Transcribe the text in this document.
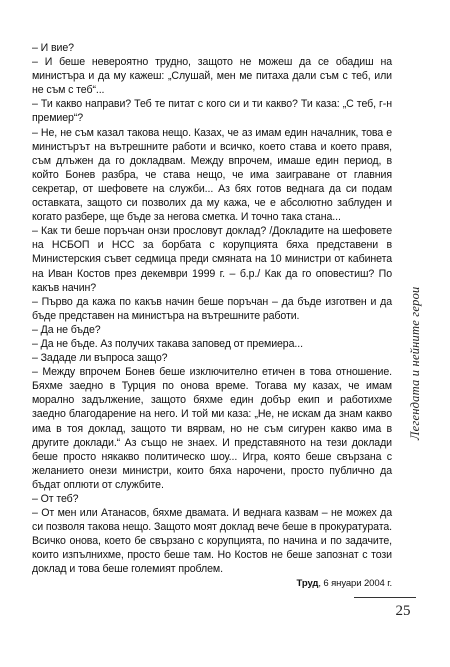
– И вие?

– И беше невероятно трудно, защото не можеш да се обадиш на министъра и да му кажеш: „Слушай, мен ме питаха дали съм с теб, или не съм с теб“...

– Ти какво направи? Теб те питат с кого си и ти какво? Ти каза: „С теб, г-н премиер“?

– Не, не съм казал такова нещо. Казах, че аз имам един началник, това е министърът на вътрешните работи и всичко, което става и което правя, съм длъжен да го докладвам. Между впрочем, имаше един период, в който Бонев разбра, че става нещо, че има заиграване от главния секретар, от шефовете на служби... Аз бях готов веднага да си подам оставката, защото си позволих да му кажа, че е абсолютно заблуден и когато разбере, ще бъде за негова сметка. И точно така стана...

– Как ти беше поръчан онзи прословут доклад? /Докладите на шефовете на НСБОП и НСС за борбата с корупцията бяха представени в Министерския съвет седмица преди смяната на 10 министри от кабинета на Иван Костов през декември 1999 г. – б.р./ Как да го оповестиш? По какъв начин?

– Първо да кажа по какъв начин беше поръчан – да бъде изготвен и да бъде представен на министъра на вътрешните работи.

– Да не бъде?

– Да не бъде. Аз получих такава заповед от премиера...

– Зададе ли въпроса защо?

– Между впрочем Бонев беше изключително етичен в това отношение. Бяхме заедно в Турция по онова време. Тогава му казах, че имам морално задължение, защото бяхме един добър екип и работихме заедно благодарение на него. И той ми каза: „Не, не искам да знам какво има в тоя доклад, защото ти вярвам, но не съм сигурен какво има в другите доклади.“ Аз също не знаех. И представяното на тези доклади беше просто някакво политическо шоу... Игра, която беше свързана с желанието онези министри, които бяха нарочени, просто публично да бъдат оплюти от службите.

– От теб?

– От мен или Атанасов, бяхме двамата. И веднага казвам – не можех да си позволя такова нещо. Защото моят доклад вече беше в прокуратурата. Всичко онова, което бе свързано с корупцията, по начина и по задачите, които изпълнихме, просто беше там. Но Костов не беше запознат с този доклад и това беше големият проблем.

Труд, 6 януари 2004 г.

Легендата и нейните герои
25
